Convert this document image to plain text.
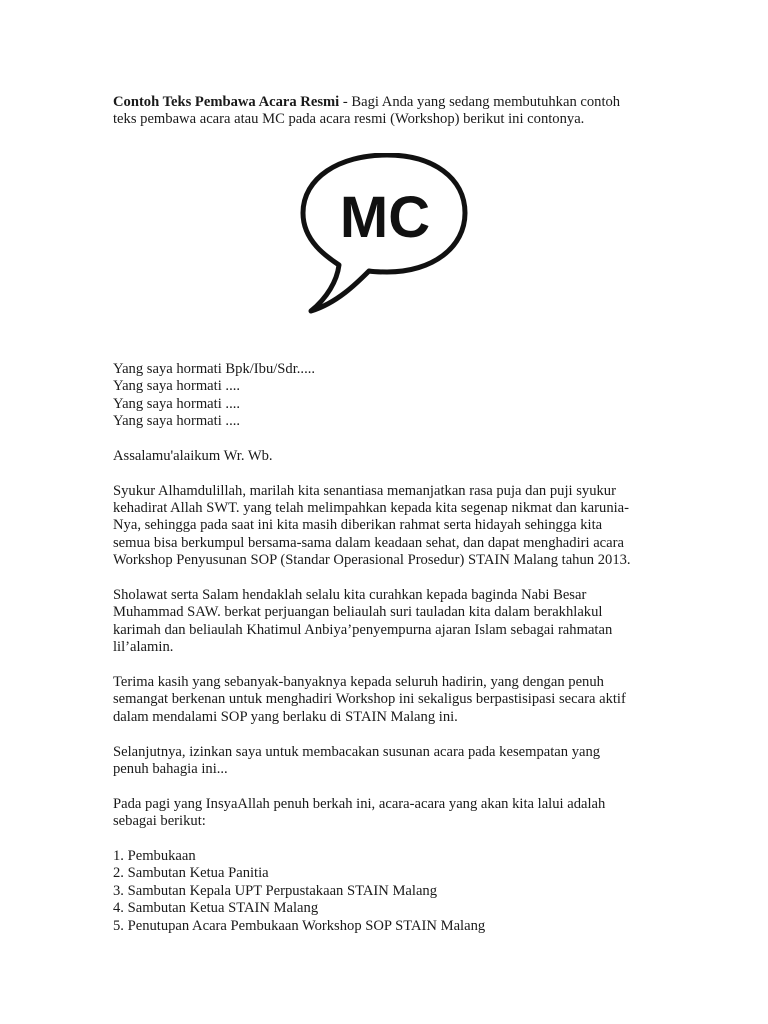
Contoh Teks Pembawa Acara Resmi - Bagi Anda yang sedang membutuhkan contoh
teks pembawa acara atau MC pada acara resmi (Workshop) berikut ini contonya.

MC
Yang saya hormati Bpk/Ibu/Sdr.....
Yang saya hormati ....
Yang saya hormati ....
Yang saya hormati ....

Assalamu'alaikum Wr. Wb.

Syukur Alhamdulillah, marilah kita senantiasa memanjatkan rasa puja dan puji syukur
kehadirat Allah SWT. yang telah melimpahkan kepada kita segenap nikmat dan karunia-
Nya, sehingga pada saat ini kita masih diberikan rahmat serta hidayah sehingga kita
semua bisa berkumpul bersama-sama dalam keadaan sehat, dan dapat menghadiri acara
Workshop Penyusunan SOP (Standar Operasional Prosedur) STAIN Malang tahun 2013.
Sholawat serta Salam hendaklah selalu kita curahkan kepada baginda Nabi Besar
Muhammad SAW. berkat perjuangan beliaulah suri tauladan kita dalam berakhlakul
karimah dan beliaulah Khatimul Anbiya’penyempurna ajaran Islam sebagai rahmatan
lil’alamin.
Terima kasih yang sebanyak-banyaknya kepada seluruh hadirin, yang dengan penuh
semangat berkenan untuk menghadiri Workshop ini sekaligus berpastisipasi secara aktif
dalam mendalami SOP yang berlaku di STAIN Malang ini.
Selanjutnya, izinkan saya untuk membacakan susunan acara pada kesempatan yang
penuh bahagia ini...
Pada pagi yang InsyaAllah penuh berkah ini, acara-acara yang akan kita lalui adalah
sebagai berikut:
1. Pembukaan
2. Sambutan Ketua Panitia
3. Sambutan Kepala UPT Perpustakaan STAIN Malang
4. Sambutan Ketua STAIN Malang
5. Penutupan Acara Pembukaan Workshop SOP STAIN Malang
